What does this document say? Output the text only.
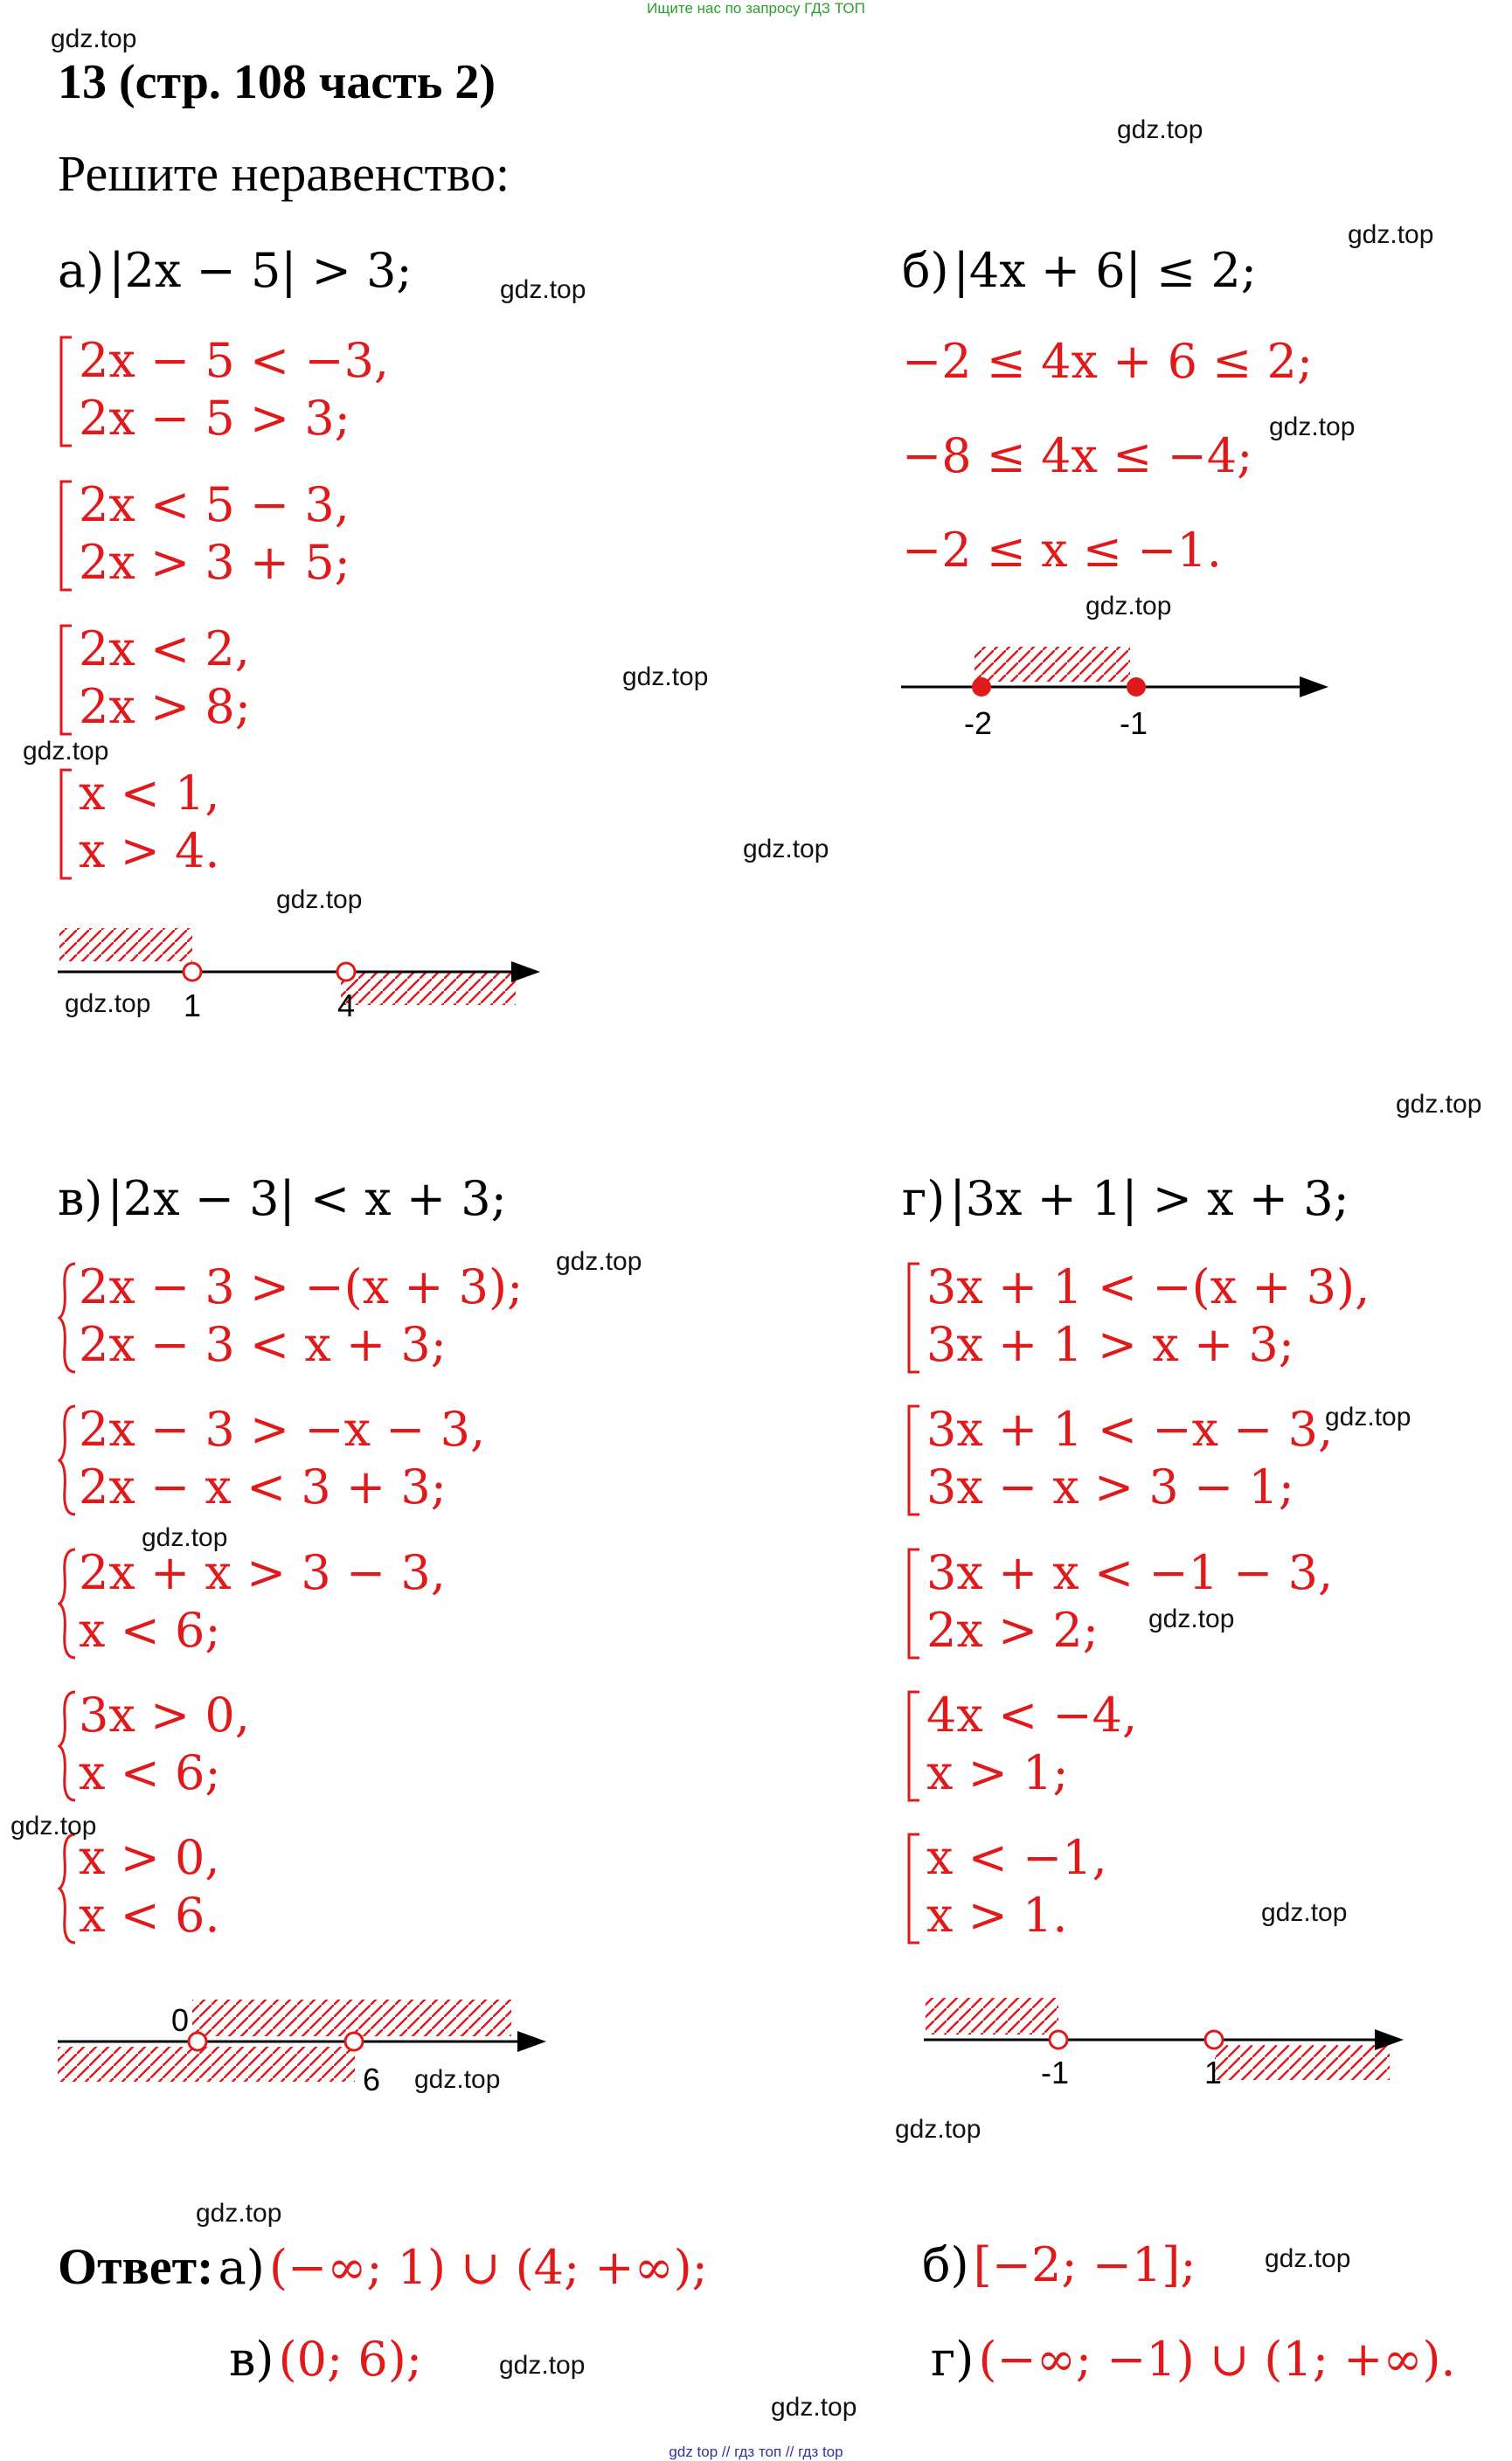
Ищите нас по запросу ГДЗ ТОП
13 (стр. 108 часть 2)
Решите неравенство:
а) |2x − 5| > 3;
2x − 5 < −3,
2x − 5 > 3;
2x < 5 − 3,
2x > 3 + 5;
2x < 2,
2x > 8;
x < 1,
x > 4.
1	4
б) |4x + 6| ≤ 2;
−2 ≤ 4x + 6 ≤ 2;
−8 ≤ 4x ≤ −4;
−2 ≤ x ≤ −1.
-2	-1
в) |2x − 3| < x + 3;
2x − 3 > −(x + 3);
2x − 3 < x + 3;
2x − 3 > −x − 3,
2x − x < 3 + 3;
2x + x > 3 − 3,
x < 6;
3x > 0,
x < 6;
x > 0,
x < 6.
0
6
г) |3x + 1| > x + 3;
3x + 1 < −(x + 3),
3x + 1 > x + 3;
3x + 1 < −x − 3,
3x − x > 3 − 1;
3x + x < −1 − 3,
2x > 2;
4x < −4,
x > 1;
x < −1,
x > 1.
-1	1
Ответ: а) (−∞; 1) ∪ (4; +∞);	б) [−2; −1];
в) (0; 6);	г) (−∞; −1) ∪ (1; +∞).
gdz.top
gdz.top
gdz.top
gdz.top
gdz.top
gdz.top
gdz.top
gdz.top
gdz.top
gdz.top
gdz.top
gdz.top
gdz.top
gdz.top
gdz.top
gdz.top
gdz.top
gdz.top
gdz.top
gdz.top
gdz.top
gdz.top
gdz.top
gdz.top
gdz top // гдз топ // гдз top
